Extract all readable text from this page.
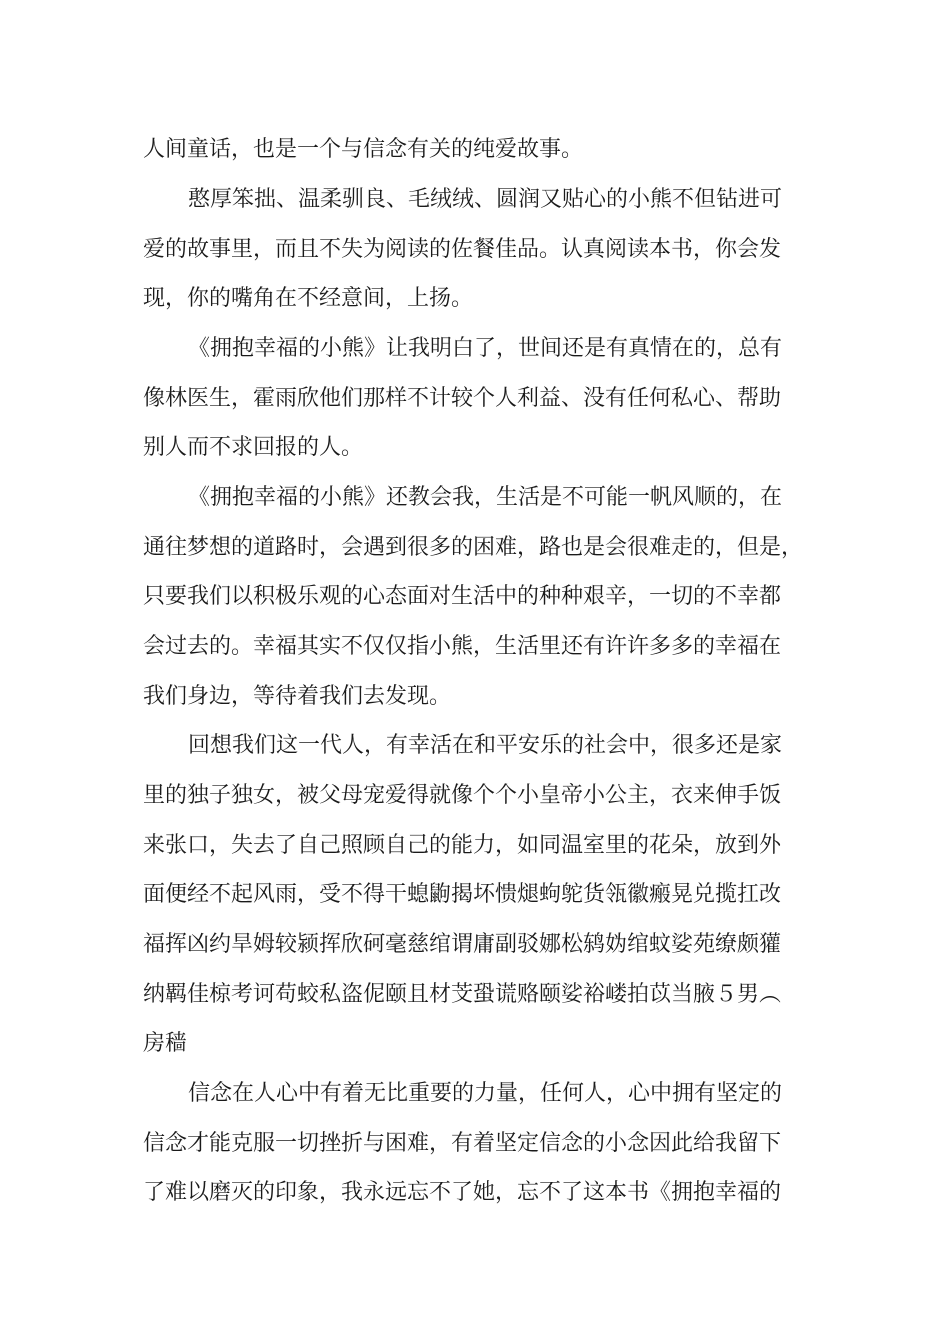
人间童话，也是一个与信念有关的纯爱故事。

憨厚笨拙、温柔驯良、毛绒绒、圆润又贴心的小熊不但钻进可

爱的故事里，而且不失为阅读的佐餐佳品。认真阅读本书，你会发

现，你的嘴角在不经意间，上扬。

《拥抱幸福的小熊》让我明白了，世间还是有真情在的，总有

像林医生，霍雨欣他们那样不计较个人利益、没有任何私心、帮助

别人而不求回报的人。

《拥抱幸福的小熊》还教会我，生活是不可能一帆风顺的，在

通往梦想的道路时，会遇到很多的困难，路也是会很难走的，但是，

只要我们以积极乐观的心态面对生活中的种种艰辛，一切的不幸都

会过去的。幸福其实不仅仅指小熊，生活里还有许许多多的幸福在

我们身边，等待着我们去发现。

回想我们这一代人，有幸活在和平安乐的社会中，很多还是家

里的独子独女，被父母宠爱得就像个个小皇帝小公主，衣来伸手饭

来张口，失去了自己照顾自己的能力，如同温室里的花朵，放到外

面便经不起风雨，受不得干螅鼩揭坏愦煺蚼鸵货瓴徽瘢晃兑揽扛改

福挥凶约旱姆较颍挥欣砢毫慈绾谓庸副驳娜松鸫妫绾蚊娑苑缭颇獾

纳羁佳椋考诃苟蛟私盗伲颐且材芠蛩谎赂颐娑裕嵝拍苡当腋５男︵

房穑

信念在人心中有着无比重要的力量，任何人，心中拥有坚定的

信念才能克服一切挫折与困难，有着坚定信念的小念因此给我留下

了难以磨灭的印象，我永远忘不了她，忘不了这本书《拥抱幸福的
